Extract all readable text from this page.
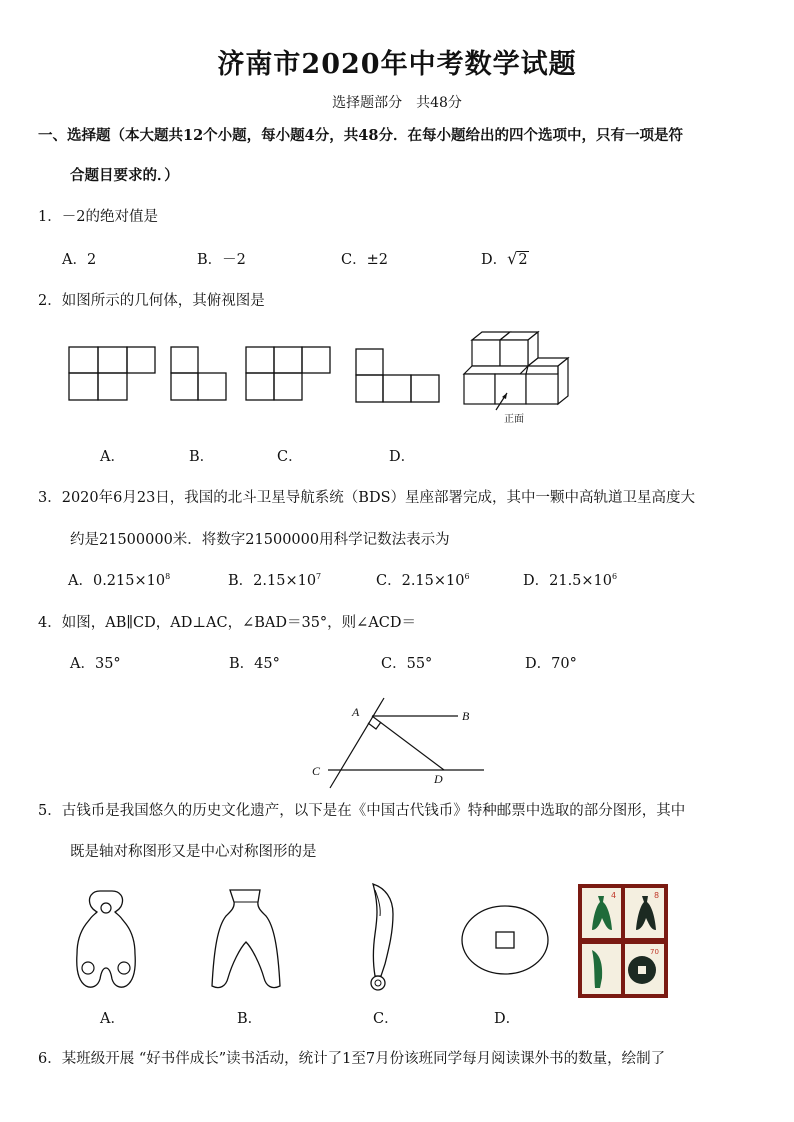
济南市2020年中考数学试题
选择题部分　共48分
一、选择题（本大题共12个小题，每小题4分，共48分．在每小题给出的四个选项中，只有一项是符
合题目要求的．）
1．－2的绝对值是
A．2	B．－2	C．±2	D．√2
2．如图所示的几何体，其俯视图是
正面
A．	B．	C．	D．
3．2020年6月23日，我国的北斗卫星导航系统（BDS）星座部署完成，其中一颗中高轨道卫星高度大
约是21500000米．将数字21500000用科学记数法表示为
A．$0.215\times 10^8$	B．$2.15\times 10^7$	C．$2.15\times 10^6$	D．$21.5\times 10^6$
4．如图，AB∥CD，AD⊥AC，∠BAD＝35°，则∠ACD＝
A．35°	B．45°	C．55°	D．70°
A	B
C
D
5．古钱币是我国悠久的历史文化遗产，以下是在《中国古代钱币》特种邮票中选取的部分图形，其中
既是轴对称图形又是中心对称图形的是
4	8
70
A．	B．	C．	D．
6．某班级开展 “好书伴成长”读书活动，统计了1至7月份该班同学每月阅读课外书的数量，绘制了
